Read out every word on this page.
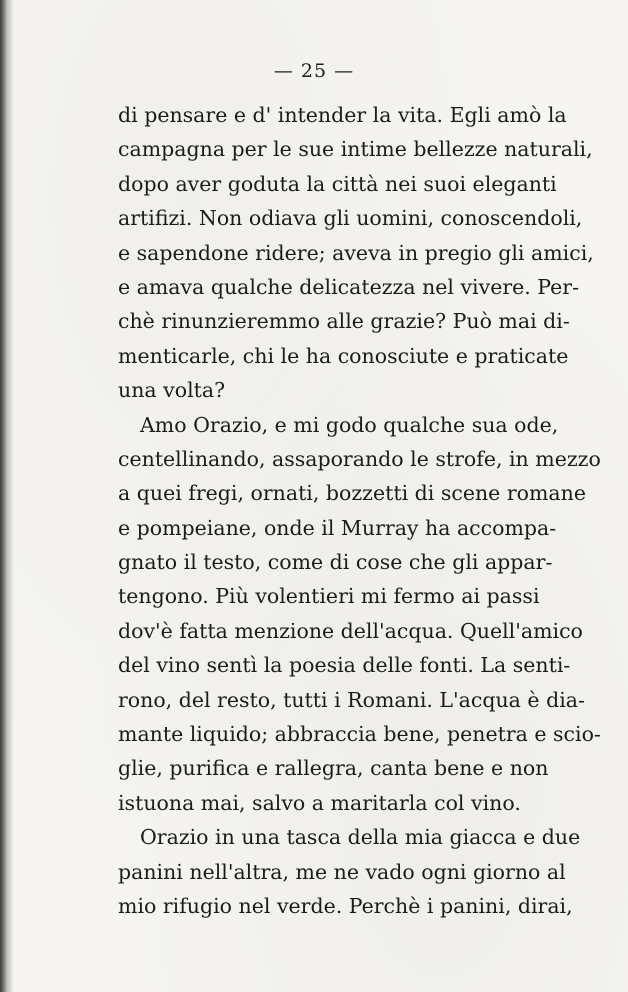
— 25 —
di pensare e d' intender la vita. Egli amò la
campagna per le sue intime bellezze naturali,
dopo aver goduta la città nei suoi eleganti
artifizi. Non odiava gli uomini, conoscendoli,
e sapendone ridere; aveva in pregio gli amici,
e amava qualche delicatezza nel vivere. Per-
chè rinunzieremmo alle grazie? Può mai di-
menticarle, chi le ha conosciute e praticate
una volta?
Amo Orazio, e mi godo qualche sua ode,
centellinando, assaporando le strofe, in mezzo
a quei fregi, ornati, bozzetti di scene romane
e pompeiane, onde il Murray ha accompa-
gnato il testo, come di cose che gli appar-
tengono. Più volentieri mi fermo ai passi
dov'è fatta menzione dell'acqua. Quell'amico
del vino sentì la poesia delle fonti. La senti-
rono, del resto, tutti i Romani. L'acqua è dia-
mante liquido; abbraccia bene, penetra e scio-
glie, purifica e rallegra, canta bene e non
istuona mai, salvo a maritarla col vino.
Orazio in una tasca della mia giacca e due
panini nell'altra, me ne vado ogni giorno al
mio rifugio nel verde. Perchè i panini, dirai,
